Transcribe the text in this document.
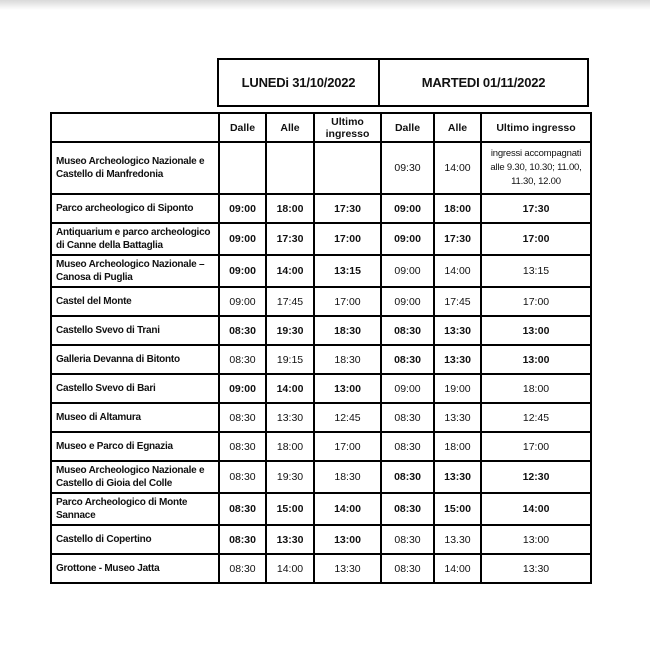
LUNEDi 31/10/2022	MARTEDI 01/11/2022
	Dalle	Alle	Ultimo ingresso	Dalle	Alle	Ultimo ingresso
Museo Archeologico Nazionale e Castello di Manfredonia				09:30	14:00	ingressi accompagnati alle 9.30, 10.30; 11.00, 11.30, 12.00
Parco archeologico di Siponto	09:00	18:00	17:30	09:00	18:00	17:30
Antiquarium e parco archeologico di Canne della Battaglia	09:00	17:30	17:00	09:00	17:30	17:00
Museo Archeologico Nazionale – Canosa di Puglia	09:00	14:00	13:15	09:00	14:00	13:15
Castel del Monte	09:00	17:45	17:00	09:00	17:45	17:00
Castello Svevo di Trani	08:30	19:30	18:30	08:30	13:30	13:00
Galleria Devanna di Bitonto	08:30	19:15	18:30	08:30	13:30	13:00
Castello Svevo di Bari	09:00	14:00	13:00	09:00	19:00	18:00
Museo di Altamura	08:30	13:30	12:45	08:30	13:30	12:45
Museo e Parco di Egnazia	08:30	18:00	17:00	08:30	18:00	17:00
Museo Archeologico Nazionale e Castello di Gioia del Colle	08:30	19:30	18:30	08:30	13:30	12:30
Parco Archeologico di Monte Sannace	08:30	15:00	14:00	08:30	15:00	14:00
Castello di Copertino	08:30	13:30	13:00	08:30	13.30	13:00
Grottone - Museo Jatta	08:30	14:00	13:30	08:30	14:00	13:30
